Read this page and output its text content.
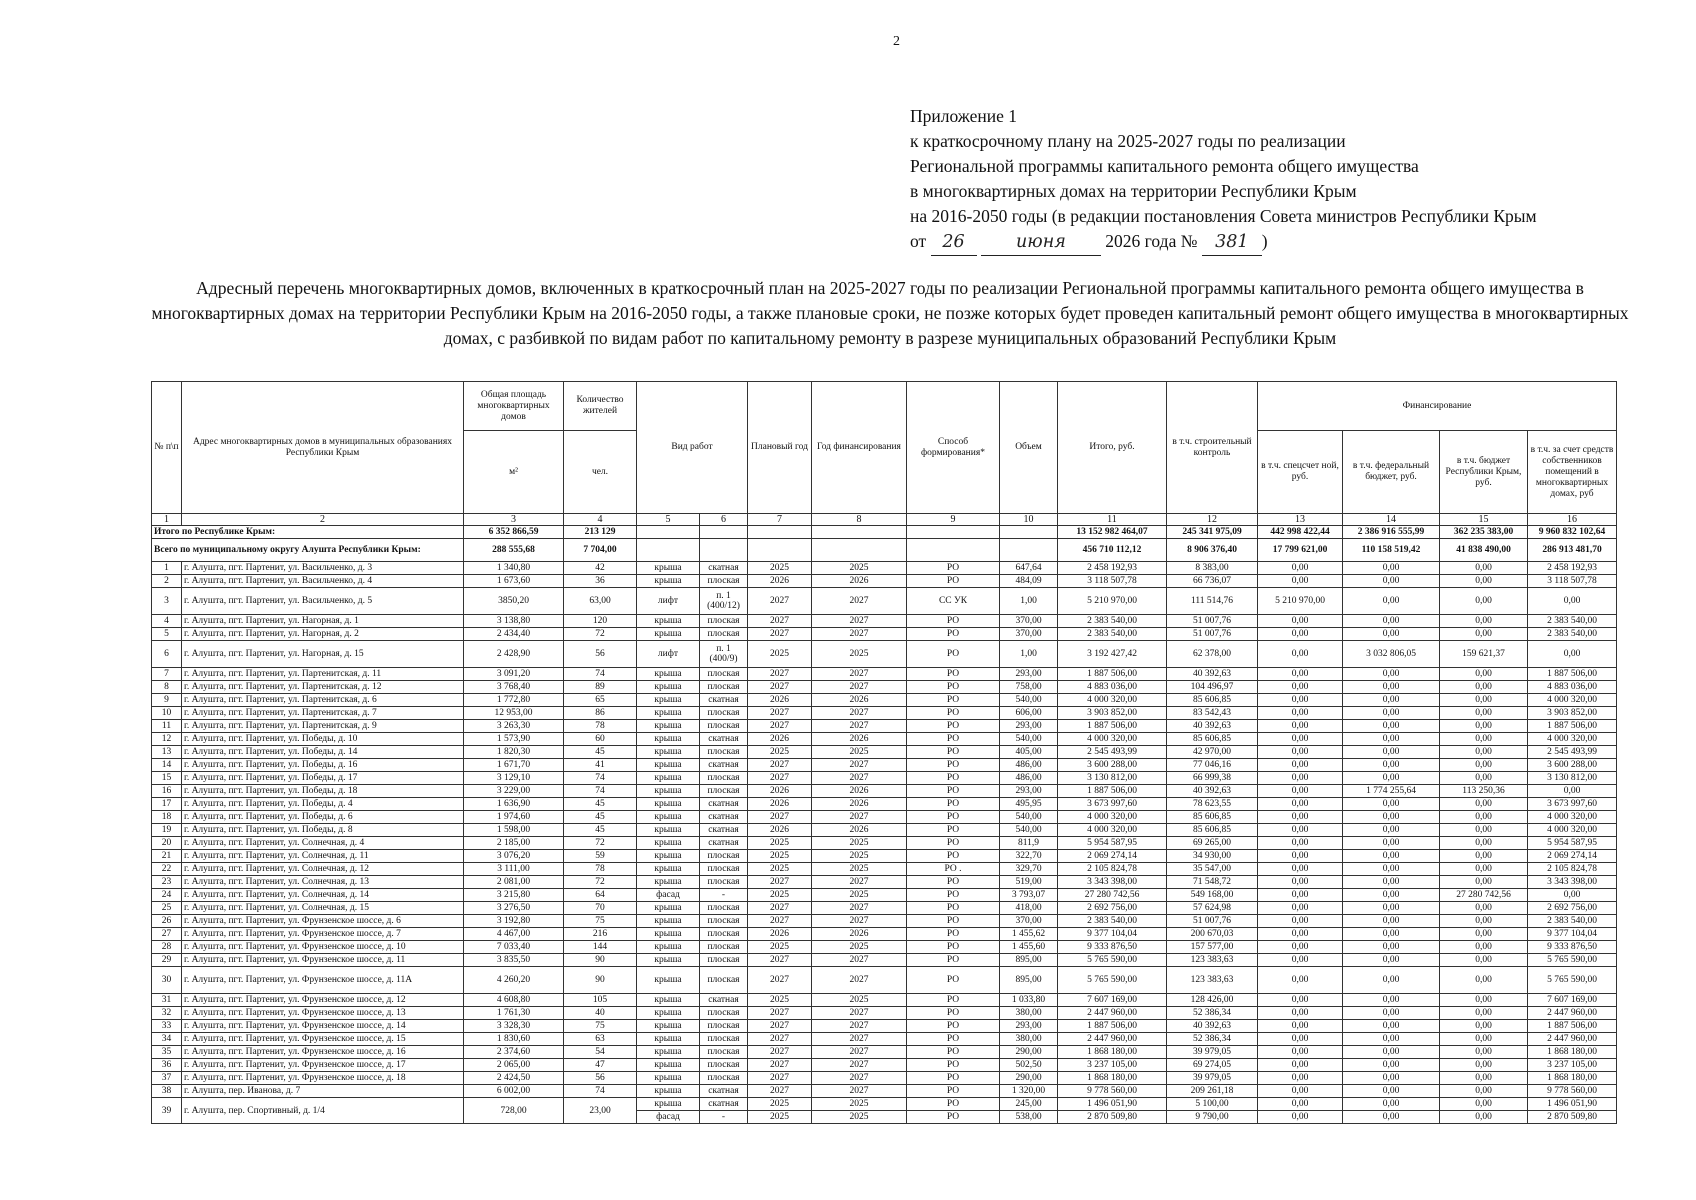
2
Приложение 1
к краткосрочному плану на 2025-2027 годы по реализации
Региональной программы капитального ремонта общего имущества
в многоквартирных домах на территории Республики Крым
на 2016-2050 годы (в редакции постановления Совета министров Республики Крым
от 26	июня 2026 года № 381 )
Адресный перечень многоквартирных домов, включенных в краткосрочный план на 2025-2027 годы по реализации Региональной программы капитального ремонта общего имущества в многоквартирных домах на территории Республики Крым на 2016-2050 годы, а также плановые сроки, не позже которых будет проведен капитальный ремонт общего имущества в многоквартирных домах, с разбивкой по видам работ по капитальному ремонту в разрезе муниципальных образований Республики Крым
№ п\п	Адрес многоквартирных домов в муниципальных образованиях Республики Крым	Общая площадь многоквартирных домов	Количество жителей	Вид работ		Плановый год	Год финансирования	Способ формирования*	Объем	Итого, руб.	в т.ч. строительный контроль	Финансирование			
		м²	чел.									в т.ч. спецсчет ной, руб.	в т.ч. федеральный бюджет, руб.	в т.ч. бюджет Республики Крым, руб.	в т.ч. за счет средств собственников помещений в многоквартирных домах, руб
1	2	3	4	5	6	7	8	9	10	11	12	13	14	15	16
Итого по Республике Крым:		6 352 866,59	213 129							13 152 982 464,07	245 341 975,09	442 998 422,44	2 386 916 555,99	362 235 383,00	9 960 832 102,64
Всего по муниципальному округу Алушта Республики Крым:		288 555,68	7 704,00							456 710 112,12	8 906 376,40	17 799 621,00	110 158 519,42	41 838 490,00	286 913 481,70
1	г. Алушта, пгт. Партенит, ул. Васильченко, д. 3	1 340,80	42	крыша	скатная	2025	2025	РО	647,64	2 458 192,93	8 383,00	0,00	0,00	0,00	2 458 192,93
2	г. Алушта, пгт. Партенит, ул. Васильченко, д. 4	1 673,60	36	крыша	плоская	2026	2026	РО	484,09	3 118 507,78	66 736,07	0,00	0,00	0,00	3 118 507,78
3	г. Алушта, пгт. Партенит, ул. Васильченко, д. 5	3850,20	63,00	лифт	п. 1 (400/12)	2027	2027	СС УК	1,00	5 210 970,00	111 514,76	5 210 970,00	0,00	0,00	0,00
4	г. Алушта, пгт. Партенит, ул. Нагорная, д. 1	3 138,80	120	крыша	плоская	2027	2027	РО	370,00	2 383 540,00	51 007,76	0,00	0,00	0,00	2 383 540,00
5	г. Алушта, пгт. Партенит, ул. Нагорная, д. 2	2 434,40	72	крыша	плоская	2027	2027	РО	370,00	2 383 540,00	51 007,76	0,00	0,00	0,00	2 383 540,00
6	г. Алушта, пгт. Партенит, ул. Нагорная, д. 15	2 428,90	56	лифт	п. 1 (400/9)	2025	2025	РО	1,00	3 192 427,42	62 378,00	0,00	3 032 806,05	159 621,37	0,00
7	г. Алушта, пгт. Партенит, ул. Партенитская, д. 11	3 091,20	74	крыша	плоская	2027	2027	РО	293,00	1 887 506,00	40 392,63	0,00	0,00	0,00	1 887 506,00
8	г. Алушта, пгт. Партенит, ул. Партенитская, д. 12	3 768,40	89	крыша	плоская	2027	2027	РО	758,00	4 883 036,00	104 496,97	0,00	0,00	0,00	4 883 036,00
9	г. Алушта, пгт. Партенит, ул. Партенитская, д. 6	1 772,80	65	крыша	скатная	2026	2026	РО	540,00	4 000 320,00	85 606,85	0,00	0,00	0,00	4 000 320,00
10	г. Алушта, пгт. Партенит, ул. Партенитская, д. 7	12 953,00	86	крыша	плоская	2027	2027	РО	606,00	3 903 852,00	83 542,43	0,00	0,00	0,00	3 903 852,00
11	г. Алушта, пгт. Партенит, ул. Партенитская, д. 9	3 263,30	78	крыша	плоская	2027	2027	РО	293,00	1 887 506,00	40 392,63	0,00	0,00	0,00	1 887 506,00
12	г. Алушта, пгт. Партенит, ул. Победы, д. 10	1 573,90	60	крыша	скатная	2026	2026	РО	540,00	4 000 320,00	85 606,85	0,00	0,00	0,00	4 000 320,00
13	г. Алушта, пгт. Партенит, ул. Победы, д. 14	1 820,30	45	крыша	плоская	2025	2025	РО	405,00	2 545 493,99	42 970,00	0,00	0,00	0,00	2 545 493,99
14	г. Алушта, пгт. Партенит, ул. Победы, д. 16	1 671,70	41	крыша	скатная	2027	2027	РО	486,00	3 600 288,00	77 046,16	0,00	0,00	0,00	3 600 288,00
15	г. Алушта, пгт. Партенит, ул. Победы, д. 17	3 129,10	74	крыша	плоская	2027	2027	РО	486,00	3 130 812,00	66 999,38	0,00	0,00	0,00	3 130 812,00
16	г. Алушта, пгт. Партенит, ул. Победы, д. 18	3 229,00	74	крыша	плоская	2026	2026	РО	293,00	1 887 506,00	40 392,63	0,00	1 774 255,64	113 250,36	0,00
17	г. Алушта, пгт. Партенит, ул. Победы, д. 4	1 636,90	45	крыша	скатная	2026	2026	РО	495,95	3 673 997,60	78 623,55	0,00	0,00	0,00	3 673 997,60
18	г. Алушта, пгт. Партенит, ул. Победы, д. 6	1 974,60	45	крыша	скатная	2027	2027	РО	540,00	4 000 320,00	85 606,85	0,00	0,00	0,00	4 000 320,00
19	г. Алушта, пгт. Партенит, ул. Победы, д. 8	1 598,00	45	крыша	скатная	2026	2026	РО	540,00	4 000 320,00	85 606,85	0,00	0,00	0,00	4 000 320,00
20	г. Алушта, пгт. Партенит, ул. Солнечная, д. 4	2 185,00	72	крыша	скатная	2025	2025	РО	811,9	5 954 587,95	69 265,00	0,00	0,00	0,00	5 954 587,95
21	г. Алушта, пгт. Партенит, ул. Солнечная, д. 11	3 076,20	59	крыша	плоская	2025	2025	РО	322,70	2 069 274,14	34 930,00	0,00	0,00	0,00	2 069 274,14
22	г. Алушта, пгт. Партенит, ул. Солнечная, д. 12	3 111,00	78	крыша	плоская	2025	2025	РО .	329,70	2 105 824,78	35 547,00	0,00	0,00	0,00	2 105 824,78
23	г. Алушта, пгт. Партенит, ул. Солнечная, д. 13	2 081,00	72	крыша	плоская	2027	2027	РО	519,00	3 343 398,00	71 548,72	0,00	0,00	0,00	3 343 398,00
24	г. Алушта, пгт. Партенит, ул. Солнечная, д. 14	3 215,80	64	фасад	-	2025	2025	РО	3 793,07	27 280 742,56	549 168,00	0,00	0,00	27 280 742,56	0,00
25	г. Алушта, пгт. Партенит, ул. Солнечная, д. 15	3 276,50	70	крыша	плоская	2027	2027	РО	418,00	2 692 756,00	57 624,98	0,00	0,00	0,00	2 692 756,00
26	г. Алушта, пгт. Партенит, ул. Фрунзенское шоссе, д. 6	3 192,80	75	крыша	плоская	2027	2027	РО	370,00	2 383 540,00	51 007,76	0,00	0,00	0,00	2 383 540,00
27	г. Алушта, пгт. Партенит, ул. Фрунзенское шоссе, д. 7	4 467,00	216	крыша	плоская	2026	2026	РО	1 455,62	9 377 104,04	200 670,03	0,00	0,00	0,00	9 377 104,04
28	г. Алушта, пгт. Партенит, ул. Фрунзенское шоссе, д. 10	7 033,40	144	крыша	плоская	2025	2025	РО	1 455,60	9 333 876,50	157 577,00	0,00	0,00	0,00	9 333 876,50
29	г. Алушта, пгт. Партенит, ул. Фрунзенское шоссе, д. 11	3 835,50	90	крыша	плоская	2027	2027	РО	895,00	5 765 590,00	123 383,63	0,00	0,00	0,00	5 765 590,00
30	г. Алушта, пгт. Партенит, ул. Фрунзенское шоссе, д. 11А	4 260,20	90	крыша	плоская	2027	2027	РО	895,00	5 765 590,00	123 383,63	0,00	0,00	0,00	5 765 590,00
31	г. Алушта, пгт. Партенит, ул. Фрунзенское шоссе, д. 12	4 608,80	105	крыша	скатная	2025	2025	РО	1 033,80	7 607 169,00	128 426,00	0,00	0,00	0,00	7 607 169,00
32	г. Алушта, пгт. Партенит, ул. Фрунзенское шоссе, д. 13	1 761,30	40	крыша	плоская	2027	2027	РО	380,00	2 447 960,00	52 386,34	0,00	0,00	0,00	2 447 960,00
33	г. Алушта, пгт. Партенит, ул. Фрунзенское шоссе, д. 14	3 328,30	75	крыша	плоская	2027	2027	РО	293,00	1 887 506,00	40 392,63	0,00	0,00	0,00	1 887 506,00
34	г. Алушта, пгт. Партенит, ул. Фрунзенское шоссе, д. 15	1 830,60	63	крыша	плоская	2027	2027	РО	380,00	2 447 960,00	52 386,34	0,00	0,00	0,00	2 447 960,00
35	г. Алушта, пгт. Партенит, ул. Фрунзенское шоссе, д. 16	2 374,60	54	крыша	плоская	2027	2027	РО	290,00	1 868 180,00	39 979,05	0,00	0,00	0,00	1 868 180,00
36	г. Алушта, пгт. Партенит, ул. Фрунзенское шоссе, д. 17	2 065,00	47	крыша	плоская	2027	2027	РО	502,50	3 237 105,00	69 274,05	0,00	0,00	0,00	3 237 105,00
37	г. Алушта, пгт. Партенит, ул. Фрунзенское шоссе, д. 18	2 424,50	56	крыша	плоская	2027	2027	РО	290,00	1 868 180,00	39 979,05	0,00	0,00	0,00	1 868 180,00
38	г. Алушта, пер. Иванова, д. 7	6 002,00	74	крыша	скатная	2027	2027	РО	1 320,00	9 778 560,00	209 261,18	0,00	0,00	0,00	9 778 560,00
39	г. Алушта, пер. Спортивный, д. 1/4	728,00	23,00	крыша	скатная	2025	2025	РО	245,00	1 496 051,90	5 100,00	0,00	0,00	0,00	1 496 051,90
				фасад	-	2025	2025	РО	538,00	2 870 509,80	9 790,00	0,00	0,00	0,00	2 870 509,80
